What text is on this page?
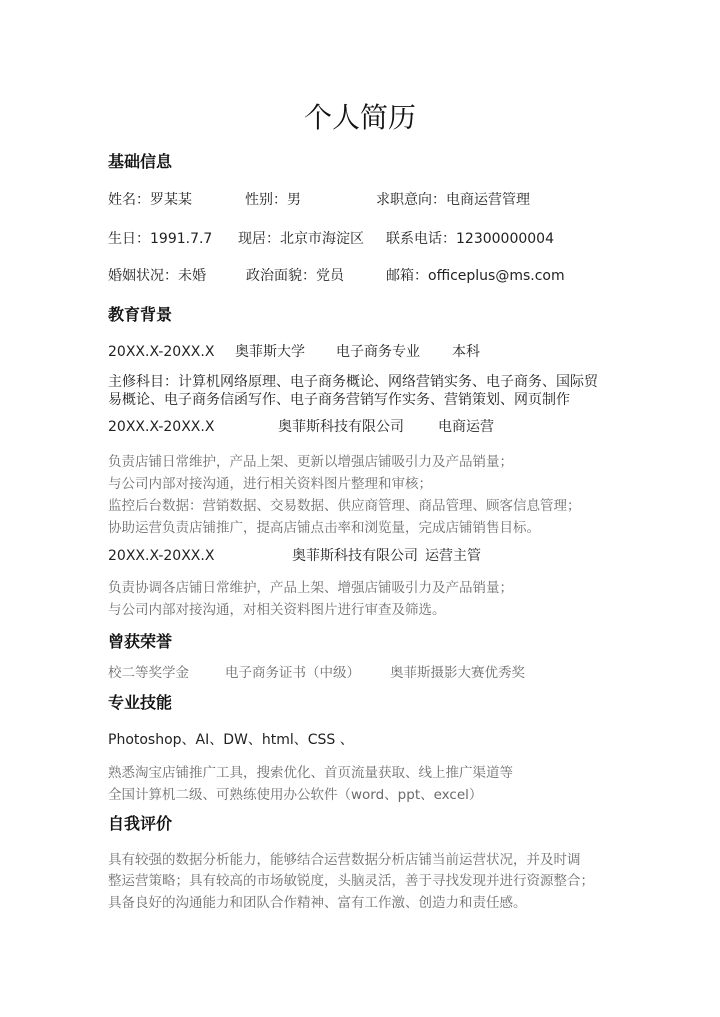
个人简历
基础信息
姓名：罗某某	性别：男	求职意向：电商运营管理
生日：1991.7.7 现居：北京市海淀区 联系电话：12300000004
婚姻状况：未婚	政治面貌：党员	邮箱：officeplus@ms.com
教育背景
20XX.X-20XX.X 奥菲斯大学 电子商务专业 本科
主修科目：计算机网络原理、电子商务概论、网络营销实务、电子商务、国际贸
易概论、电子商务信函写作、电子商务营销写作实务、营销策划、网页制作
20XX.X-20XX.X	奥菲斯科技有限公司 电商运营
负责店铺日常维护，产品上架、更新以增强店铺吸引力及产品销量；
与公司内部对接沟通，进行相关资料图片整理和审核；
监控后台数据：营销数据、交易数据、供应商管理、商品管理、顾客信息管理；
协助运营负责店铺推广，提高店铺点击率和浏览量，完成店铺销售目标。
20XX.X-20XX.X	奥菲斯科技有限公司 运营主管
负责协调各店铺日常维护，产品上架、增强店铺吸引力及产品销量；
与公司内部对接沟通，对相关资料图片进行审查及筛选。
曾获荣誉
校二等奖学金	电子商务证书（中级） 奥菲斯摄影大赛优秀奖
专业技能
Photoshop、AI、DW、html、CSS 、
熟悉淘宝店铺推广工具，搜索优化、首页流量获取、线上推广渠道等
全国计算机二级、可熟练使用办公软件（word、ppt、excel）
自我评价
具有较强的数据分析能力，能够结合运营数据分析店铺当前运营状况，并及时调
整运营策略；具有较高的市场敏锐度，头脑灵活，善于寻找发现并进行资源整合；
具备良好的沟通能力和团队合作精神、富有工作激、创造力和责任感。
